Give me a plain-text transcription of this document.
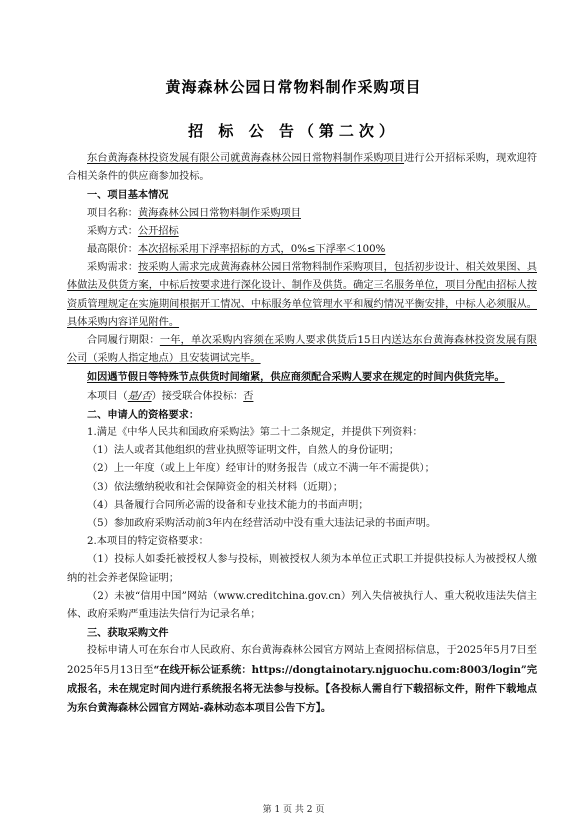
黄海森林公园日常物料制作采购项目
招 标 公 告（第二次）

东台黄海森林投资发展有限公司就黄海森林公园日常物料制作采购项目进行公开招标采购，现欢迎符合相关条件的供应商参加投标。

一、项目基本情况

项目名称：黄海森林公园日常物料制作采购项目

采购方式：公开招标

最高限价：本次招标采用下浮率招标的方式，0%≤下浮率＜100%

采购需求：按采购人需求完成黄海森林公园日常物料制作采购项目，包括初步设计、相关效果图、具体做法及供货方案，中标后按要求进行深化设计、制作及供货。确定三名服务单位，项目分配由招标人按资质管理规定在实施期间根据开工情况、中标服务单位管理水平和履约情况平衡安排，中标人必须服从。具体采购内容详见附件。

合同履行期限：一年，单次采购内容须在采购人要求供货后15日内送达东台黄海森林投资发展有限公司（采购人指定地点）且安装调试完毕。

如因遇节假日等特殊节点供货时间缩紧，供应商须配合采购人要求在规定的时间内供货完毕。

本项目（是/否）接受联合体投标：否

二、申请人的资格要求：

1.满足《中华人民共和国政府采购法》第二十二条规定，并提供下列资料：

（1）法人或者其他组织的营业执照等证明文件，自然人的身份证明；

（2）上一年度（或上上年度）经审计的财务报告（成立不满一年不需提供）；

（3）依法缴纳税收和社会保障资金的相关材料（近期）；

（4）具备履行合同所必需的设备和专业技术能力的书面声明；

（5）参加政府采购活动前3年内在经营活动中没有重大违法记录的书面声明。

2.本项目的特定资格要求：

（1）投标人如委托被授权人参与投标，则被授权人须为本单位正式职工并提供投标人为被授权人缴纳的社会养老保险证明；

（2）未被“信用中国”网站（www.creditchina.gov.cn）列入失信被执行人、重大税收违法失信主体、政府采购严重违法失信行为记录名单；

三、获取采购文件

投标申请人可在东台市人民政府、东台黄海森林公园官方网站上查阅招标信息，于2025年5月7日至2025年5月13日至“在线开标公证系统：https://dongtainotary.njguochu.com:8003/login”完成报名，未在规定时间内进行系统报名将无法参与投标。【各投标人需自行下载招标文件，附件下载地点为东台黄海森林公园官方网站-森林动态本项目公告下方】。

第 1 页 共 2 页
